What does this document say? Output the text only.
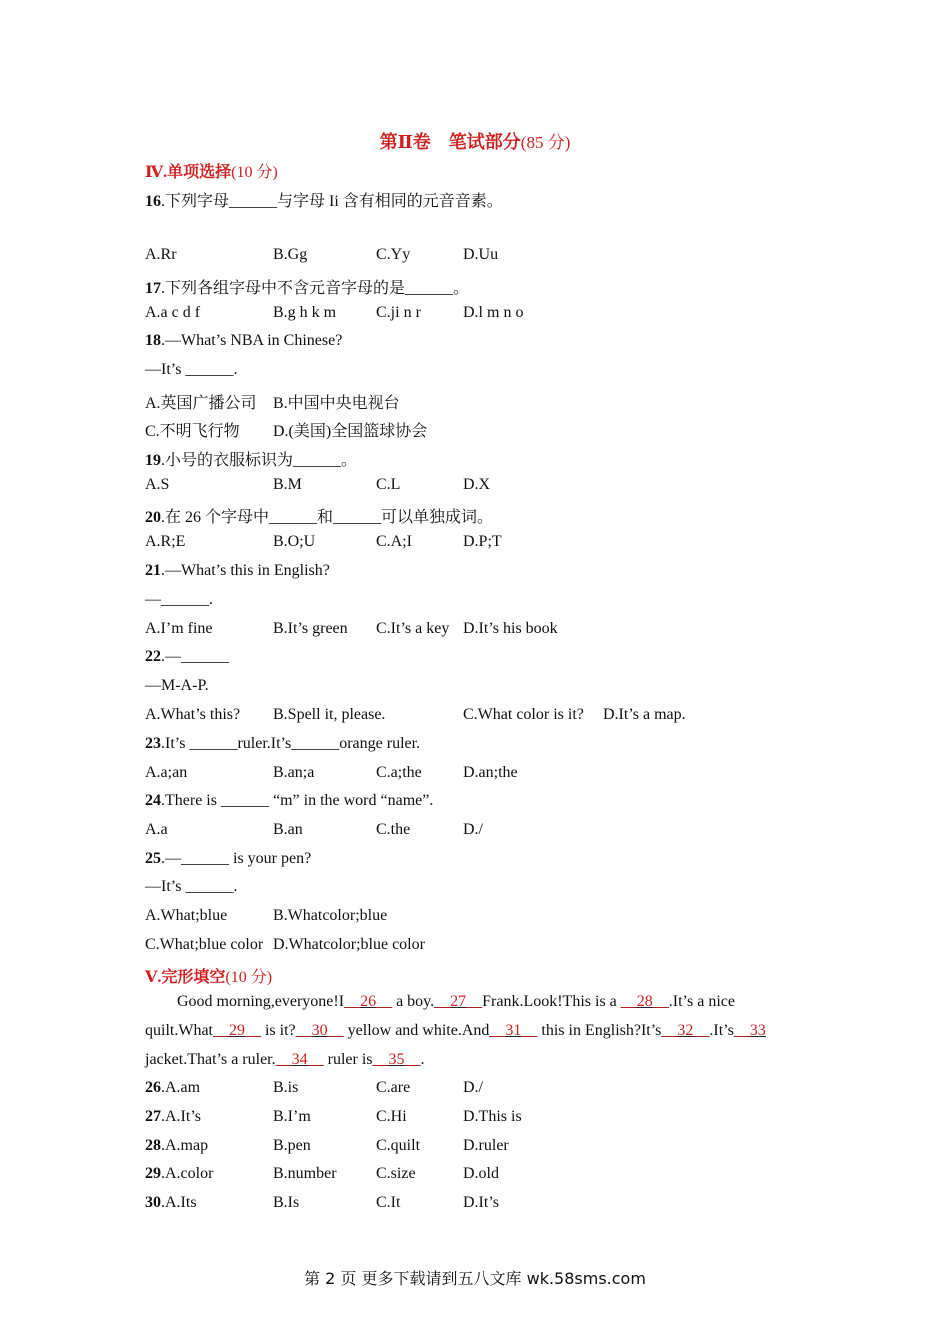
第Ⅱ卷　笔试部分(85 分)
Ⅳ.单项选择(10 分)
16.下列字母______与字母 Ii 含有相同的元音音素。
A.Rr	B.Gg	C.Yy	D.Uu
17.下列各组字母中不含元音字母的是______。
A.a c d f	B.g h k m C.ji n r	D.l m n o
18.—What’s NBA in Chinese?
—It’s ______.
A.英国广播公司 B.中国中央电视台
C.不明飞行物 D.(美国)全国篮球协会
19.小号的衣服标识为______。
A.S	B.M	C.L	D.X
20.在 26 个字母中______和______可以单独成词。
A.R;E	B.O;U	C.A;I	D.P;T
21.—What’s this in English?
—______.
A.I’m fine	B.It’s green C.It’s a key D.It’s his book
22.—______
—M-A-P.
A.What’s this? B.Spell it, please.	C.What color is it? D.It’s a map.
23.It’s ______ruler.It’s______orange ruler.
A.a;an	B.an;a	C.a;the	D.an;the
24.There is ______ “m” in the word “name”.
A.a	B.an	C.the	D./
25.—______ is your pen?
—It’s ______.
A.What;blue	B.Whatcolor;blue
C.What;blue color D.Whatcolor;blue color
Ⅴ.完形填空(10 分)
Good morning,everyone!I__26__ a boy.__27__Frank.Look!This is a __28__.It’s a nice
quilt.What__29__ is it?__30__ yellow and white.And__31__ this in English?It’s__32__.It’s__33
jacket.That’s a ruler.__34__ ruler is__35__.
26.A.am	B.is	C.are	D./
27.A.It’s	B.I’m	C.Hi	D.This is
28.A.map	B.pen	C.quilt	D.ruler
29.A.color	B.number C.size	D.old
30.A.Its	B.Is	C.It	D.It’s
第 2 页 更多下载请到五八文库 wk.58sms.com
